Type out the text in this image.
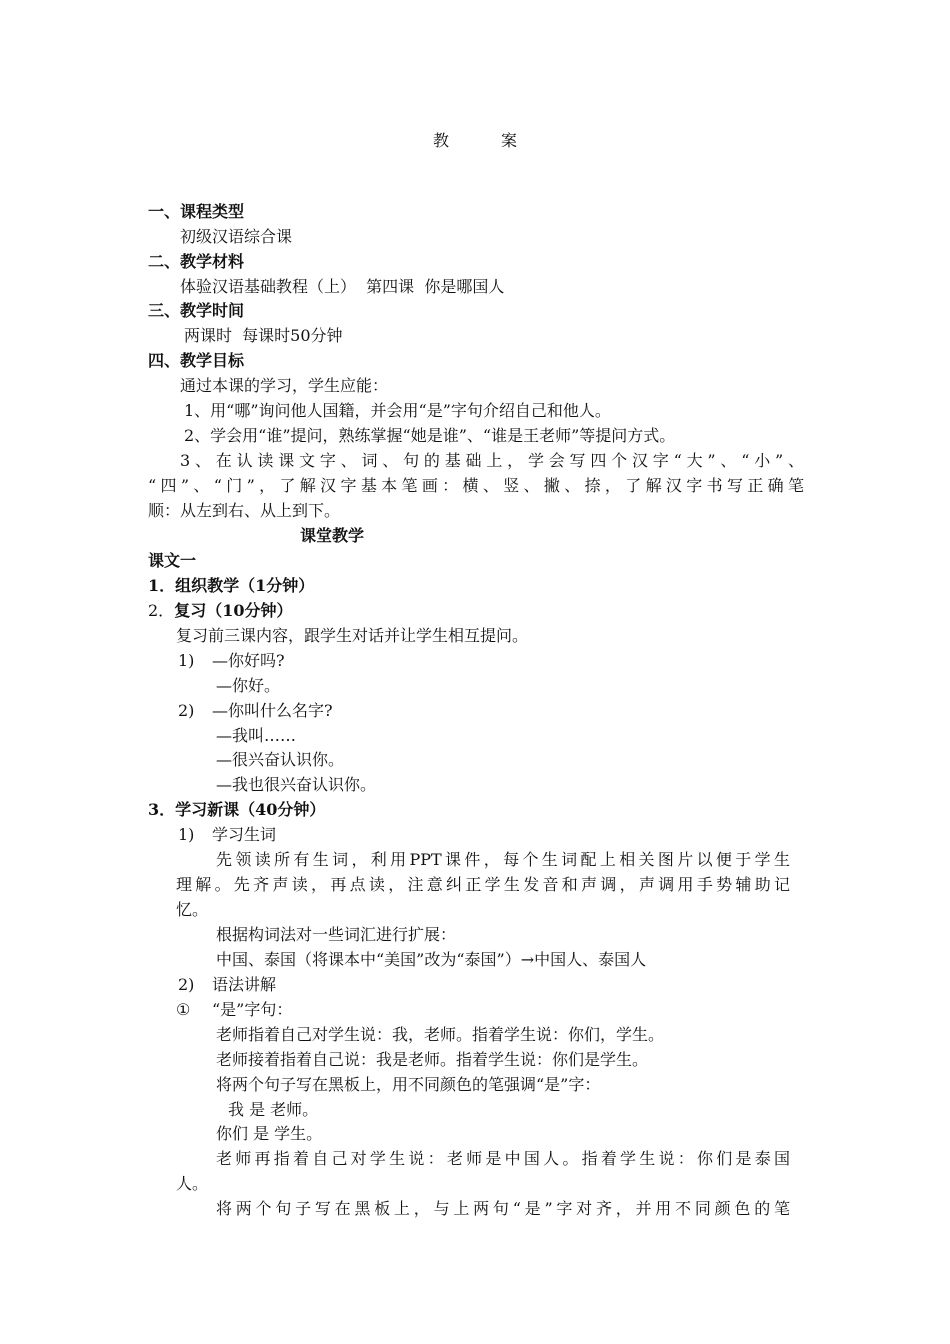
教	案
一、课程类型
初级汉语综合课
二、教学材料
体验汉语基础教程（上）  第四课  你是哪国人
三、教学时间
两课时  每课时50分钟
四、教学目标
通过本课的学习，学生应能：
1、用“哪”询问他人国籍，并会用“是”字句介绍自己和他人。
2、学会用“谁”提问，熟练掌握“她是谁”、“谁是王老师”等提问方式。
3、在认读课文字、词、句的基础上，学会写四个汉字“大”、“小”、
“四”、“门”，了解汉字基本笔画：横、竖、撇、捺，了解汉字书写正确笔
顺：从左到右、从上到下。
课堂教学
课文一
1．组织教学（1分钟）
2．复习（10分钟）
复习前三课内容，跟学生对话并让学生相互提问。
1) —你好吗?
—你好。
2) —你叫什么名字?
—我叫……
—很兴奋认识你。
—我也很兴奋认识你。
3．学习新课（40分钟）
1) 学习生词
先领读所有生词，利用PPT课件，每个生词配上相关图片以便于学生
理解。先齐声读，再点读，注意纠正学生发音和声调，声调用手势辅助记
忆。
根据构词法对一些词汇进行扩展：
中国、泰国（将课本中“美国”改为“泰国”）→中国人、泰国人
2) 语法讲解
① “是”字句：
老师指着自己对学生说：我，老师。指着学生说：你们，学生。
老师接着指着自己说：我是老师。指着学生说：你们是学生。
将两个句子写在黑板上，用不同颜色的笔强调“是”字：
我 是 老师。
你们 是 学生。
老师再指着自己对学生说：老师是中国人。指着学生说：你们是泰国
人。
将两个句子写在黑板上，与上两句“是”字对齐，并用不同颜色的笔
